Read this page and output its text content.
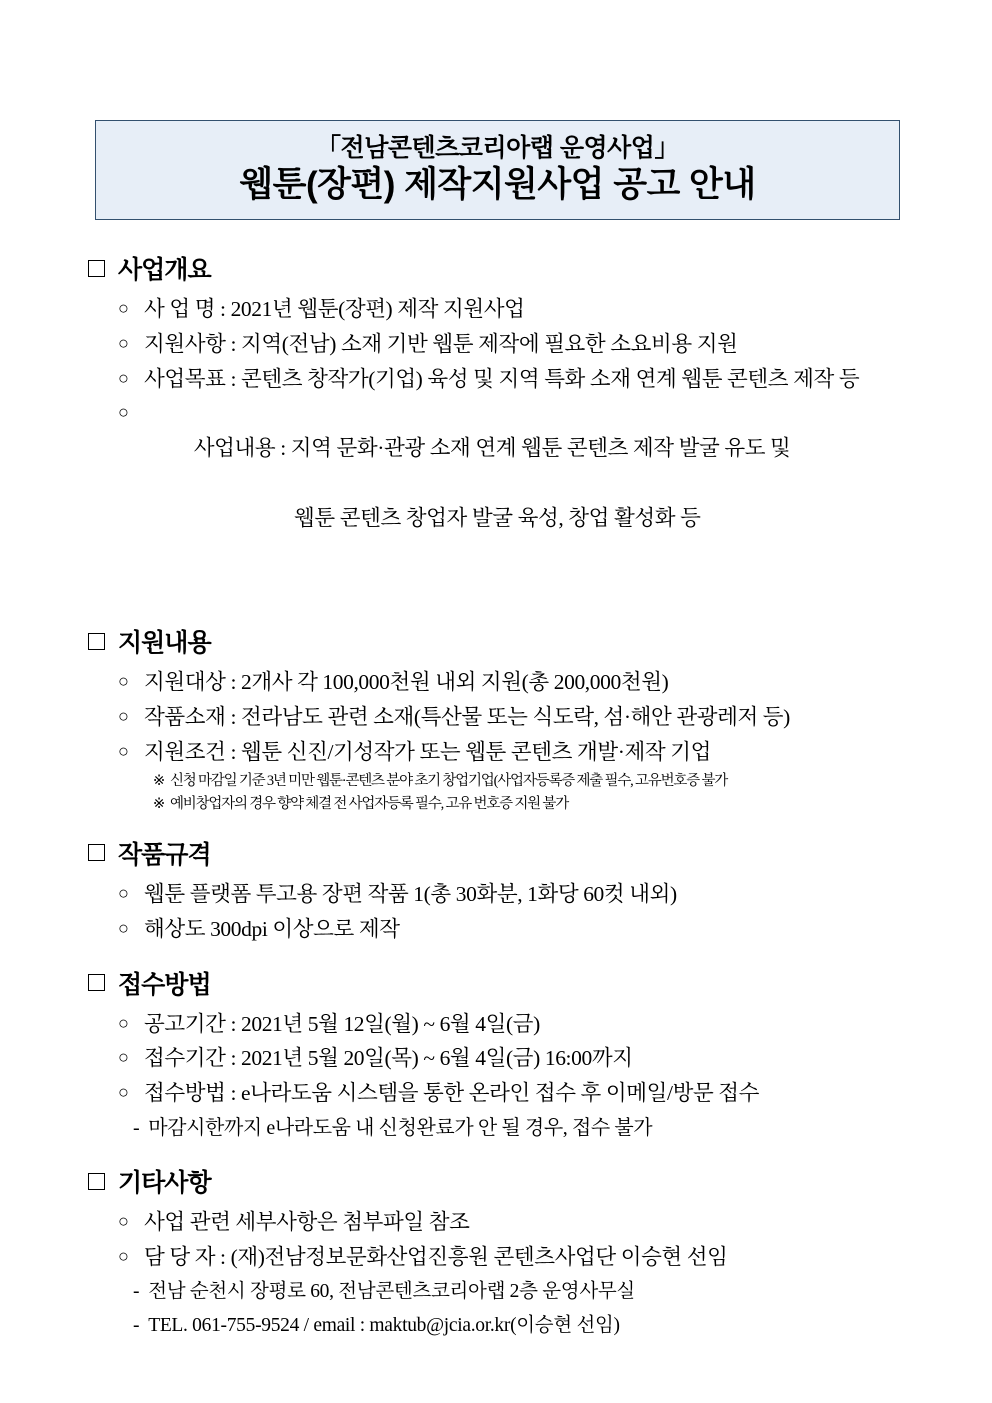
「전남콘텐츠코리아랩 운영사업」
웹툰(장편) 제작지원사업 공고 안내
사업개요
○ 사 업 명 : 2021년 웹툰(장편) 제작 지원사업
○ 지원사항 : 지역(전남) 소재 기반 웹툰 제작에 필요한 소요비용 지원
○ 사업목표 : 콘텐츠 창작가(기업) 육성 및 지역 특화 소재 연계 웹툰 콘텐츠 제작 등
○

사업내용 : 지역 문화·관광 소재 연계 웹툰 콘텐츠 제작 발굴 유도 및

웹툰 콘텐츠 창업자 발굴 육성, 창업 활성화 등

지원내용
○ 지원대상 : 2개사 각 100,000천원 내외 지원(총 200,000천원)
○ 작품소재 : 전라남도 관련 소재(특산물 또는 식도락, 섬·해안 관광레저 등)
○ 지원조건 : 웹툰 신진/기성작가 또는 웹툰 콘텐츠 개발·제작 기업
※ 신청 마감일 기준 3년 미만 웹툰·콘텐츠 분야 초기 창업기업(사업자등록증 제출 필수, 고유번호증 불가
※ 예비창업자의 경우 향약 체결 전 사업자등록 필수, 고유 번호증 지원 불가
작품규격
○ 웹툰 플랫폼 투고용 장편 작품 1(총 30화분, 1화당 60컷 내외)
○ 해상도 300dpi 이상으로 제작
접수방법
○ 공고기간 : 2021년 5월 12일(월) ~ 6월 4일(금)
○ 접수기간 : 2021년 5월 20일(목) ~ 6월 4일(금) 16:00까지
○ 접수방법 : e나라도움 시스템을 통한 온라인 접수 후 이메일/방문 접수
- 마감시한까지 e나라도움 내 신청완료가 안 될 경우, 접수 불가
기타사항
○ 사업 관련 세부사항은 첨부파일 참조
○ 담 당 자 : (재)전남정보문화산업진흥원 콘텐츠사업단 이승현 선임
- 전남 순천시 장평로 60, 전남콘텐츠코리아랩 2층 운영사무실
- TEL. 061-755-9524 / email : maktub@jcia.or.kr(이승현 선임)
